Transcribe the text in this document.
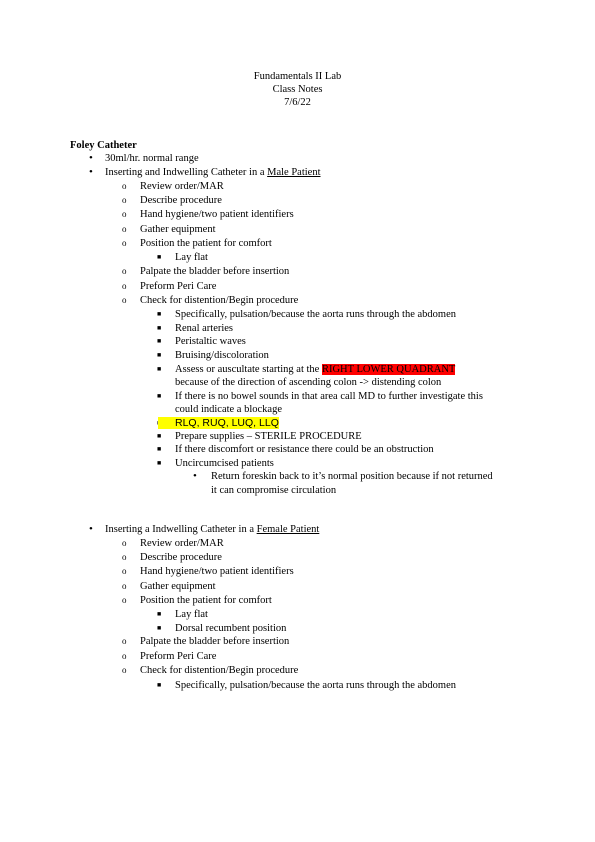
Fundamentals II Lab
Class Notes
7/6/22
Foley Catheter
• 30ml/hr. normal range
• Inserting and Indwelling Catheter in a Male Patient
o Review order/MAR
o Describe procedure
o Hand hygiene/two patient identifiers
o Gather equipment
o Position the patient for comfort
■ Lay flat
o Palpate the bladder before insertion
o Preform Peri Care
o Check for distention/Begin procedure
■ Specifically, pulsation/because the aorta runs through the abdomen
■ Renal arteries
■ Peristaltic waves
■ Bruising/discoloration
■ Assess or auscultate starting at the RIGHT LOWER QUADRANT
because of the direction of ascending colon -> distending colon
■ If there is no bowel sounds in that area call MD to further investigate this
could indicate a blockage
RLQ, RUQ, LUQ, LLQ
■ Prepare supplies – STERILE PROCEDURE
■ If there discomfort or resistance there could be an obstruction
■ Uncircumcised patients
• Return foreskin back to it’s normal position because if not returned
it can compromise circulation
• Inserting a Indwelling Catheter in a Female Patient
o Review order/MAR
o Describe procedure
o Hand hygiene/two patient identifiers
o Gather equipment
o Position the patient for comfort
■ Lay flat
■ Dorsal recumbent position
o Palpate the bladder before insertion
o Preform Peri Care
o Check for distention/Begin procedure
■ Specifically, pulsation/because the aorta runs through the abdomen
